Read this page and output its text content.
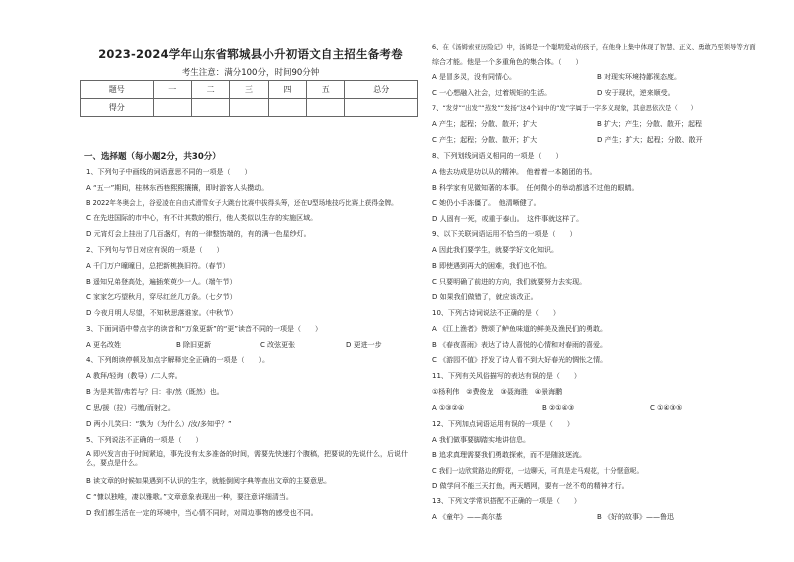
2023-2024学年山东省郓城县小升初语文自主招生备考卷
考生注意：满分100分，时间90分钟
题号	一	二	三	四	五	总分
得分						
一、选择题（每小题2分，共30分）
1、下列句子中画线的词语意思不同的一项是（　　）
A “五一”期间，桂林东西巷熙熙攘攘，即时游客人头攒动。
B 2022年冬奥会上，谷爱凌在自由式滑雪女子大跳台比赛中拔得头筹，还在U型场地技巧比赛上获得金牌。
C 在先进国际的市中心，有不计其数的银行，他人类似以生存的实施区域。
D 元宵灯会上挂出了几百盏灯，有的一律整饬端的，有的满一色星纱灯。
2、下列句与节日对应有误的一项是（　　）
A 千门万户曈曈日，总把新桃换旧符。（春节）
B 遥知兄弟登高处，遍插茱萸少一人。（端午节）
C 家家乞巧望秋月，穿尽红丝几万条。（七夕节）
D 今夜月明人尽望，不知秋思落谁家。（中秋节）
3、下面词语中带点字的读音和“万象更新”的“更”读音不同的一项是（　　）
A 更名改姓	B 除旧更新	C 改弦更张	D 更进一步
4、下列朗读停顿及加点字解释完全正确的一项是（　　）。
A 教拜/轻询（教导）/二人弈。
B 为是其智/弗若与？曰：非/然（既然）也。
C 思/援（拉）弓缴/而射之。
D 两小儿笑曰：“孰为（为什么）/汝/多知乎？”
5、下列说法不正确的一项是（　　）
A 即兴发言由于时间紧迫，事先没有太多准备的时间，需要先快速打个腹稿，把要说的先说什么，后说什么，要点是什么。
B 读文章的时候如果遇到不认识的生字，就能倒阅字典等查出文章的主要意思。
C “慷以独唯，凄以雅歌。”文章意象表现出一种，要注意详细清当。
D 我们都生活在一定的环境中，当心情不同时，对周边事物的感受也不同。
6、在《汤姆索亚历险记》中，汤姆是一个聪明爱动的孩子，在他身上集中体现了智慧、正义、勇敢乃至领导等方面
综合才能。他是一个多重角色的集合体。（　　）
A 是冒多灵，没有同情心。	B 对现实环境持鄙视态度。
C 一心想融入社会，过着规矩的生活。	D 安于现状，逆来顺受。
7、“发芽”“出发”“蒸发”“发扬”这4个词中的“发”字属于一字多义现象，其意思依次是（　　）
A 产生；起程；分散、散开；扩大	B 扩大；产生；分散、散开；起程
C 产生；起程；分散、散开；扩大	D 产生；扩大；起程；分散、散开
8、下列划线词语义相同的一项是（　　）
A 他去功成是功以从的精神。　他着着一本随团的书。
B 科学家有见微知著的本事。　任何微小的举动都逃不过他的眼睛。
C 她仍小手冻僵了。　他清晰健了。
D 人固有一死，或重于泰山。　这件事就这样了。
9、以下关联词语运用不恰当的一项是（　　）
A 因此我们要学生，就要学好文化知识。
B 即使遇到再大的困难，我们也不怕。
C 只要明确了前进的方向，我们就要努力去实现。
D 如果我们做错了，就应该改正。
10、下列古诗词说法不正确的是（　　）
A 《江上渔者》赞颂了鲈鱼味道的鲜美及渔民们的勇敢。
B 《春夜喜雨》表达了诗人喜悦的心情和对春雨的喜爱。
C 《游园不值》抒发了诗人看不到大好春光的惆怅之情。
11、下列有关风俗描写的表达有误的是（　　）
①杨利伟　②费俊龙　③聂海胜　④景海鹏
A ①③②④	B ②①④③	C ①④③⑤
12、下列加点词语运用有误的一项是（　　）
A 我们做事要脚踏实地讲信息。
B 追求真理需要我们勇敢探索，而不是随波逐流。
C 我们一边欣赏路边的野花，一边聊天，可真是走马观花，十分惬意呢。
D 做学问不能三天打鱼，两天晒网，要有一丝不苟的精神才行。
13、下列文学常识搭配不正确的一项是（　　）
A 《童年》——高尔基	B 《好的故事》——鲁迅
